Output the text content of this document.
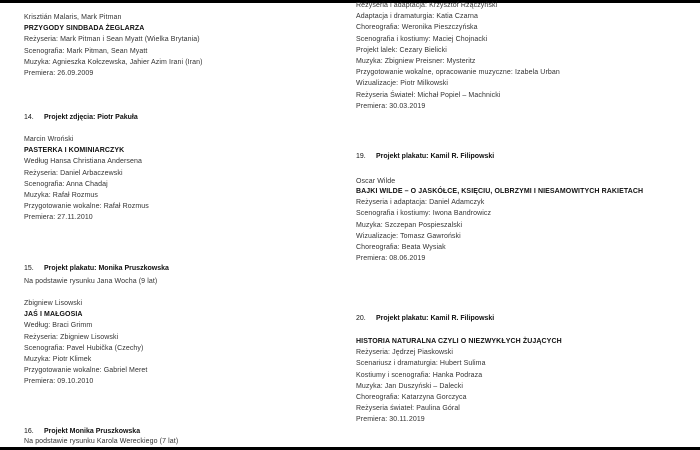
Krisztián Malaris, Mark Pitman
PRZYGODY SINDBADA ŻEGLARZA
Reżyseria: Mark Pitman i Sean Myatt (Wielka Brytania)
Scenografia: Mark Pitman, Sean Myatt
Muzyka: Agnieszka Kołczewska, Jahier Azim Irani (Iran)
Premiera: 26.09.2009
14. Projekt zdjęcia: Piotr Pakuła
Marcin Wroński
PASTERKA I KOMINIARCZYK
Według Hansa Christiana Andersena
Reżyseria: Daniel Arbaczewski
Scenografia: Anna Chadaj
Muzyka: Rafał Rozmus
Przygotowanie wokalne: Rafał Rozmus
Premiera: 27.11.2010
15. Projekt plakatu: Monika Pruszkowska
Na podstawie rysunku Jana Wocha (9 lat)
Zbigniew Lisowski
JAŚ I MAŁGOSIA
Według: Braci Grimm
Reżyseria: Zbigniew Lisowski
Scenografia: Pavel Hubička (Czechy)
Muzyka: Piotr Klimek
Przygotowanie wokalne: Gabriel Meret
Premiera: 09.10.2010
16. Projekt Monika Pruszkowska
Na podstawie rysunku Karola Wereckiego (7 lat)
Reżyseria i adaptacja: Krzysztof Rzączyński
Adaptacja i dramaturgia: Katia Czarna
Choreografia: Weronika Pieszczyńska
Scenografia i kostiumy: Maciej Chojnacki
Projekt lalek: Cezary Bielicki
Muzyka: Zbigniew Preisner: Mysteritz
Przygotowanie wokalne, opracowanie muzyczne: Izabela Urban
Wizualizacje: Piotr Milkowski
Reżyseria Świateł: Michał Popiel – Machnicki
Premiera: 30.03.2019
19. Projekt plakatu: Kamil R. Filipowski
Oscar Wilde
BAJKI WILDE – O JASKÓŁCE, KSIĘCIU, OLBRZYMI I NIESAMOWITYCH RAKIETACH
Reżyseria i adaptacja: Daniel Adamczyk
Scenografia i kostiumy: Iwona Bandrowicz
Muzyka: Szczepan Pospieszalski
Wizualizacje: Tomasz Gawroński
Choreografia: Beata Wysiak
Premiera: 08.06.2019
20. Projekt plakatu: Kamil R. Filipowski
HISTORIA NATURALNA CZYLI O NIEZWYKŁYCH ŻUJĄCYCH
Reżyseria: Jędrzej Piaskowski
Scenariusz i dramaturgia: Hubert Sulima
Kostiumy i scenografia: Hanka Podraza
Muzyka: Jan Duszyński – Dalecki
Choreografia: Katarzyna Gorczyca
Reżyseria świateł: Paulina Góral
Premiera: 30.11.2019
